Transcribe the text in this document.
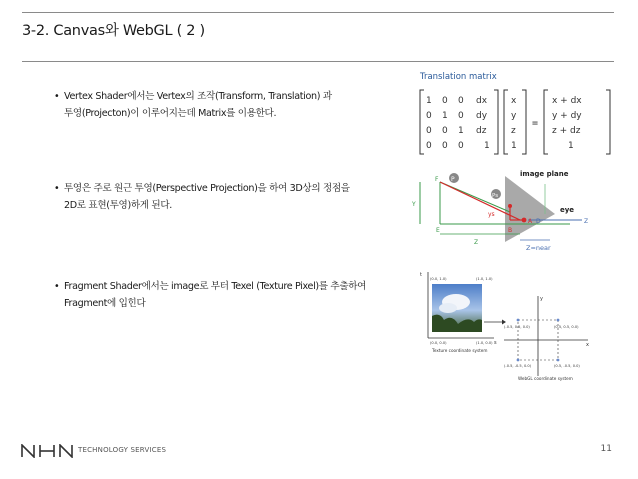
3-2. Canvas와 WebGL ( 2 )
• Vertex Shader에서는 Vertex의 조작(Transform, Translation) 과
투영(Projecton)이 이루어지는데 Matrix를 이용한다.
• 투영은 주로 원근 투영(Perspective Projection)을 하여 3D상의 정점을
2D로 표현(투영)하게 된다.
• Fragment Shader에서는 image로 부터 Texel (Texture Pixel)를 추출하여
Fragment에 입힌다
Translation matrix
1 0 0 dx
0 1 0 dy
0 0 1 dz
0 0 0 1
x
y
z
1
=
x + dx
y + dy
z + dz
1
image plane
P
Ps
F
Y
ys
E	B
A D
Z
Z
eye
Z=near
t
s
(0.0, 1.0)	(1.0, 1.0)
(0.0, 0.0)	(1.0, 0.0)
Texture coordinate system
y
x
(-0.5, 0.5, 0.0)	(0.5, 0.5, 0.0)
(-0.5, -0.5, 0.0)	(0.5, -0.5, 0.0)
WebGL coordinate system
TECHNOLOGY SERVICES	11
